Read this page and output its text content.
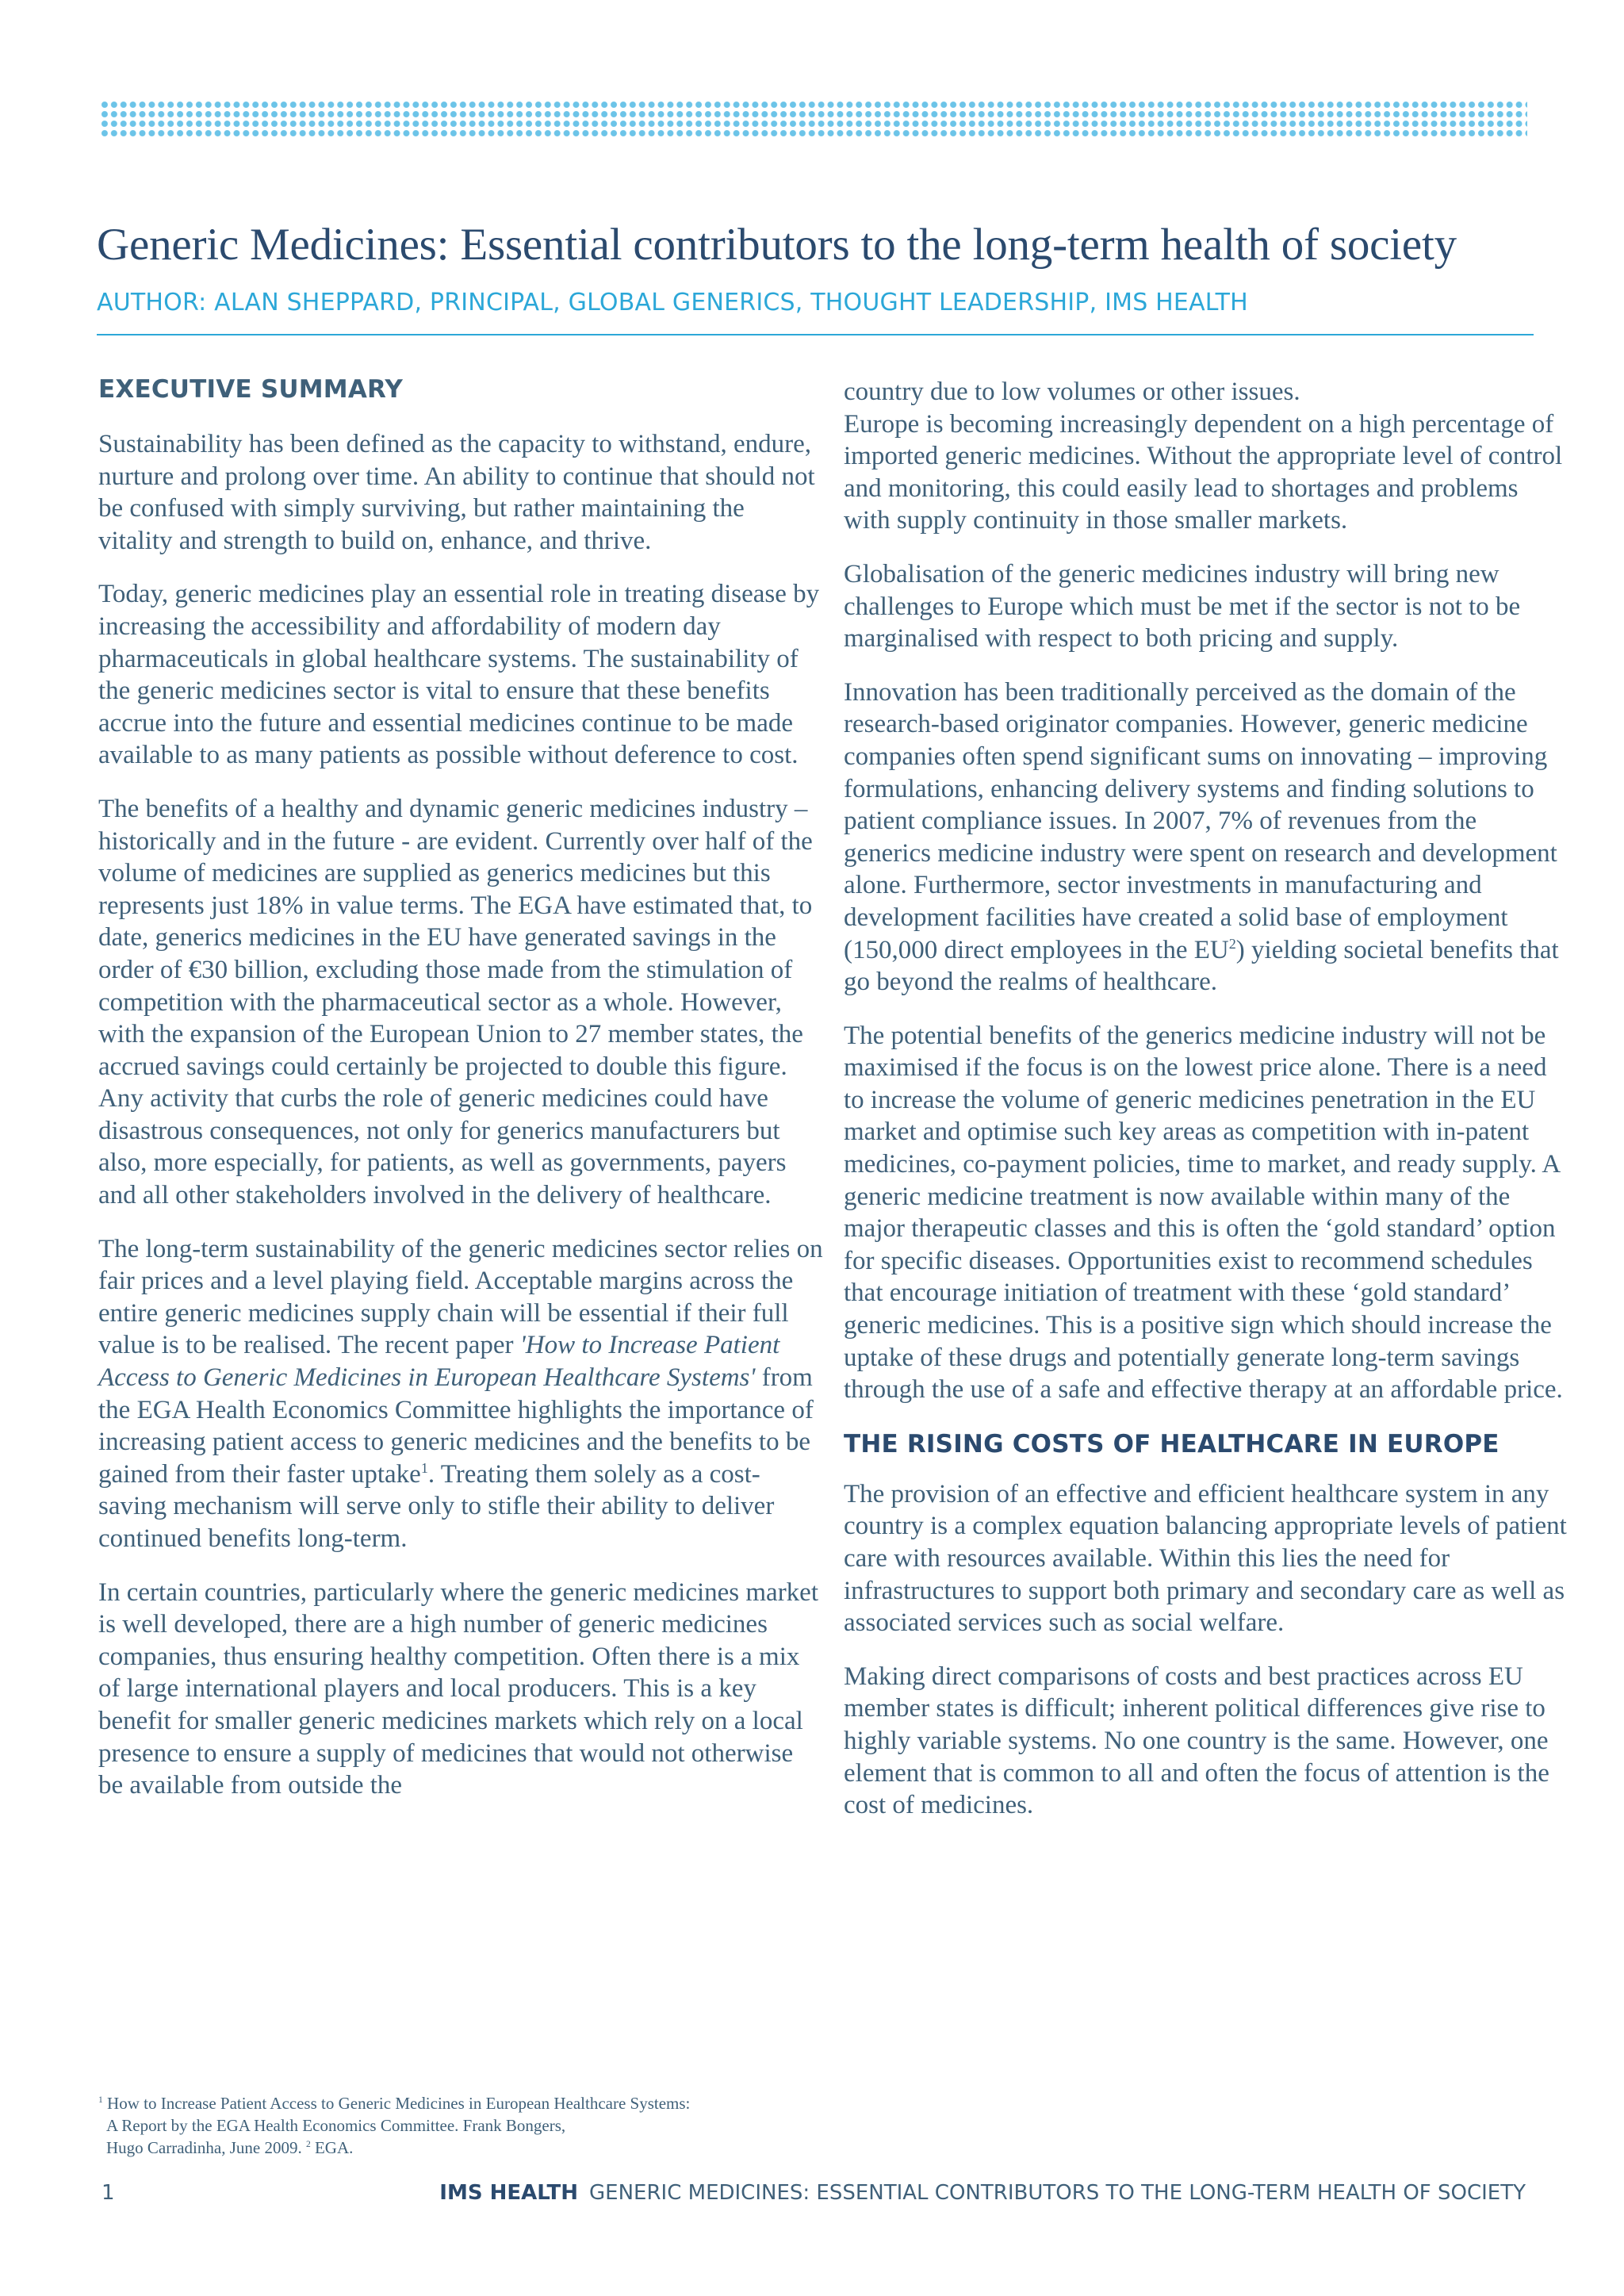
Generic Medicines: Essential contributors to the long-term health of society
AUTHOR: ALAN SHEPPARD, PRINCIPAL, GLOBAL GENERICS, THOUGHT LEADERSHIP, IMS HEALTH
EXECUTIVE SUMMARY

Sustainability has been defined as the capacity to withstand, endure, nurture and prolong over time. An ability to continue that should not be confused with simply surviving, but rather maintaining the vitality and strength to build on, enhance, and thrive.

Today, generic medicines play an essential role in treating disease by increasing the accessibility and affordability of modern day pharmaceuticals in global healthcare systems. The sustainability of the generic medicines sector is vital to ensure that these benefits accrue into the future and essential medicines continue to be made available to as many patients as possible without deference to cost.

The benefits of a healthy and dynamic generic medicines industry – historically and in the future - are evident. Currently over half of the volume of medicines are supplied as generics medicines but this represents just 18% in value terms. The EGA have estimated that, to date, generics medicines in the EU have generated savings in the order of €30 billion, excluding those made from the stimulation of competition with the pharmaceutical sector as a whole. However, with the expansion of the European Union to 27 member states, the accrued savings could certainly be projected to double this figure. Any activity that curbs the role of generic medicines could have disastrous consequences, not only for generics manufacturers but also, more especially, for patients, as well as governments, payers and all other stakeholders involved in the delivery of healthcare.

The long-term sustainability of the generic medicines sector relies on fair prices and a level playing field. Acceptable margins across the entire generic medicines supply chain will be essential if their full value is to be realised. The recent paper 'How to Increase Patient Access to Generic Medicines in European Healthcare Systems' from the EGA Health Economics Committee highlights the importance of increasing patient access to generic medicines and the benefits to be gained from their faster uptake$^1$. Treating them solely as a cost-saving mechanism will serve only to stifle their ability to deliver continued benefits long-term.

In certain countries, particularly where the generic medicines market is well developed, there are a high number of generic medicines companies, thus ensuring healthy competition. Often there is a mix of large international players and local producers. This is a key benefit for smaller generic medicines markets which rely on a local presence to ensure a supply of medicines that would not otherwise be available from outside the

country due to low volumes or other issues.

Europe is becoming increasingly dependent on a high percentage of imported generic medicines. Without the appropriate level of control and monitoring, this could easily lead to shortages and problems with supply continuity in those smaller markets.

Globalisation of the generic medicines industry will bring new challenges to Europe which must be met if the sector is not to be marginalised with respect to both pricing and supply.

Innovation has been traditionally perceived as the domain of the research-based originator companies. However, generic medicine companies often spend significant sums on innovating – improving formulations, enhancing delivery systems and finding solutions to patient compliance issues. In 2007, 7% of revenues from the generics medicine industry were spent on research and development alone. Furthermore, sector investments in manufacturing and development facilities have created a solid base of employment (150,000 direct employees in the $EU^2$) yielding societal benefits that go beyond the realms of healthcare.

The potential benefits of the generics medicine industry will not be maximised if the focus is on the lowest price alone. There is a need to increase the volume of generic medicines penetration in the EU market and optimise such key areas as competition with in-patent medicines, co-payment policies, time to market, and ready supply. A generic medicine treatment is now available within many of the major therapeutic classes and this is often the ‘gold standard’ option for specific diseases. Opportunities exist to recommend schedules that encourage initiation of treatment with these ‘gold standard’ generic medicines. This is a positive sign which should increase the uptake of these drugs and potentially generate long-term savings through the use of a safe and effective therapy at an affordable price.

THE RISING COSTS OF HEALTHCARE IN EUROPE

The provision of an effective and efficient healthcare system in any country is a complex equation balancing appropriate levels of patient care with resources available. Within this lies the need for infrastructures to support both primary and secondary care as well as associated services such as social welfare.

Making direct comparisons of costs and best practices across EU member states is difficult; inherent political differences give rise to highly variable systems. No one country is the same. However, one element that is common to all and often the focus of attention is the cost of medicines.

$^1$ How to Increase Patient Access to Generic Medicines in European Healthcare Systems:
A Report by the EGA Health Economics Committee. Frank Bongers,
Hugo Carradinha, June 2009. $^2$ EGA.
1	IMS HEALTH GENERIC MEDICINES: ESSENTIAL CONTRIBUTORS TO THE LONG-TERM HEALTH OF SOCIETY
